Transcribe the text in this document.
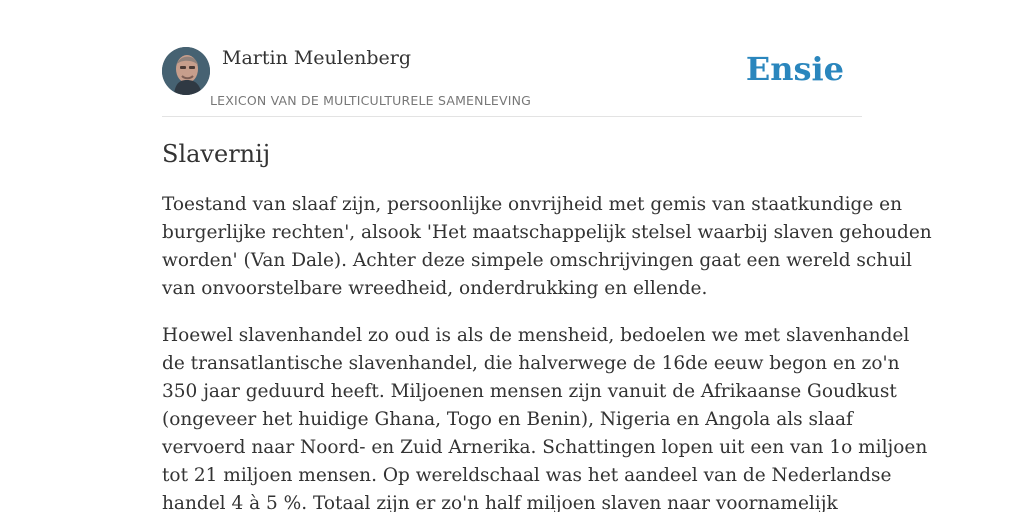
Martin Meulenberg
LEXICON VAN DE MULTICULTURELE SAMENLEVING
Ensie
Slavernij

Toestand van slaaf zijn, persoonlijke onvrijheid met gemis van staatkundige en
burgerlijke rechten', alsook 'Het maatschappelijk stelsel waarbij slaven gehouden
worden' (Van Dale). Achter deze simpele omschrijvingen gaat een wereld schuil
van onvoorstelbare wreedheid, onderdrukking en ellende.

Hoewel slavenhandel zo oud is als de mensheid, bedoelen we met slavenhandel
de transatlantische slavenhandel, die halverwege de 16de eeuw begon en zo'n
350 jaar geduurd heeft. Miljoenen mensen zijn vanuit de Afrikaanse Goudkust
(ongeveer het huidige Ghana, Togo en Benin), Nigeria en Angola als slaaf
vervoerd naar Noord- en Zuid Arnerika. Schattingen lopen uit een van 1o miljoen
tot 21 miljoen mensen. Op wereldschaal was het aandeel van de Nederlandse
handel 4 à 5 %. Totaal zijn er zo'n half miljoen slaven naar voornamelijk
